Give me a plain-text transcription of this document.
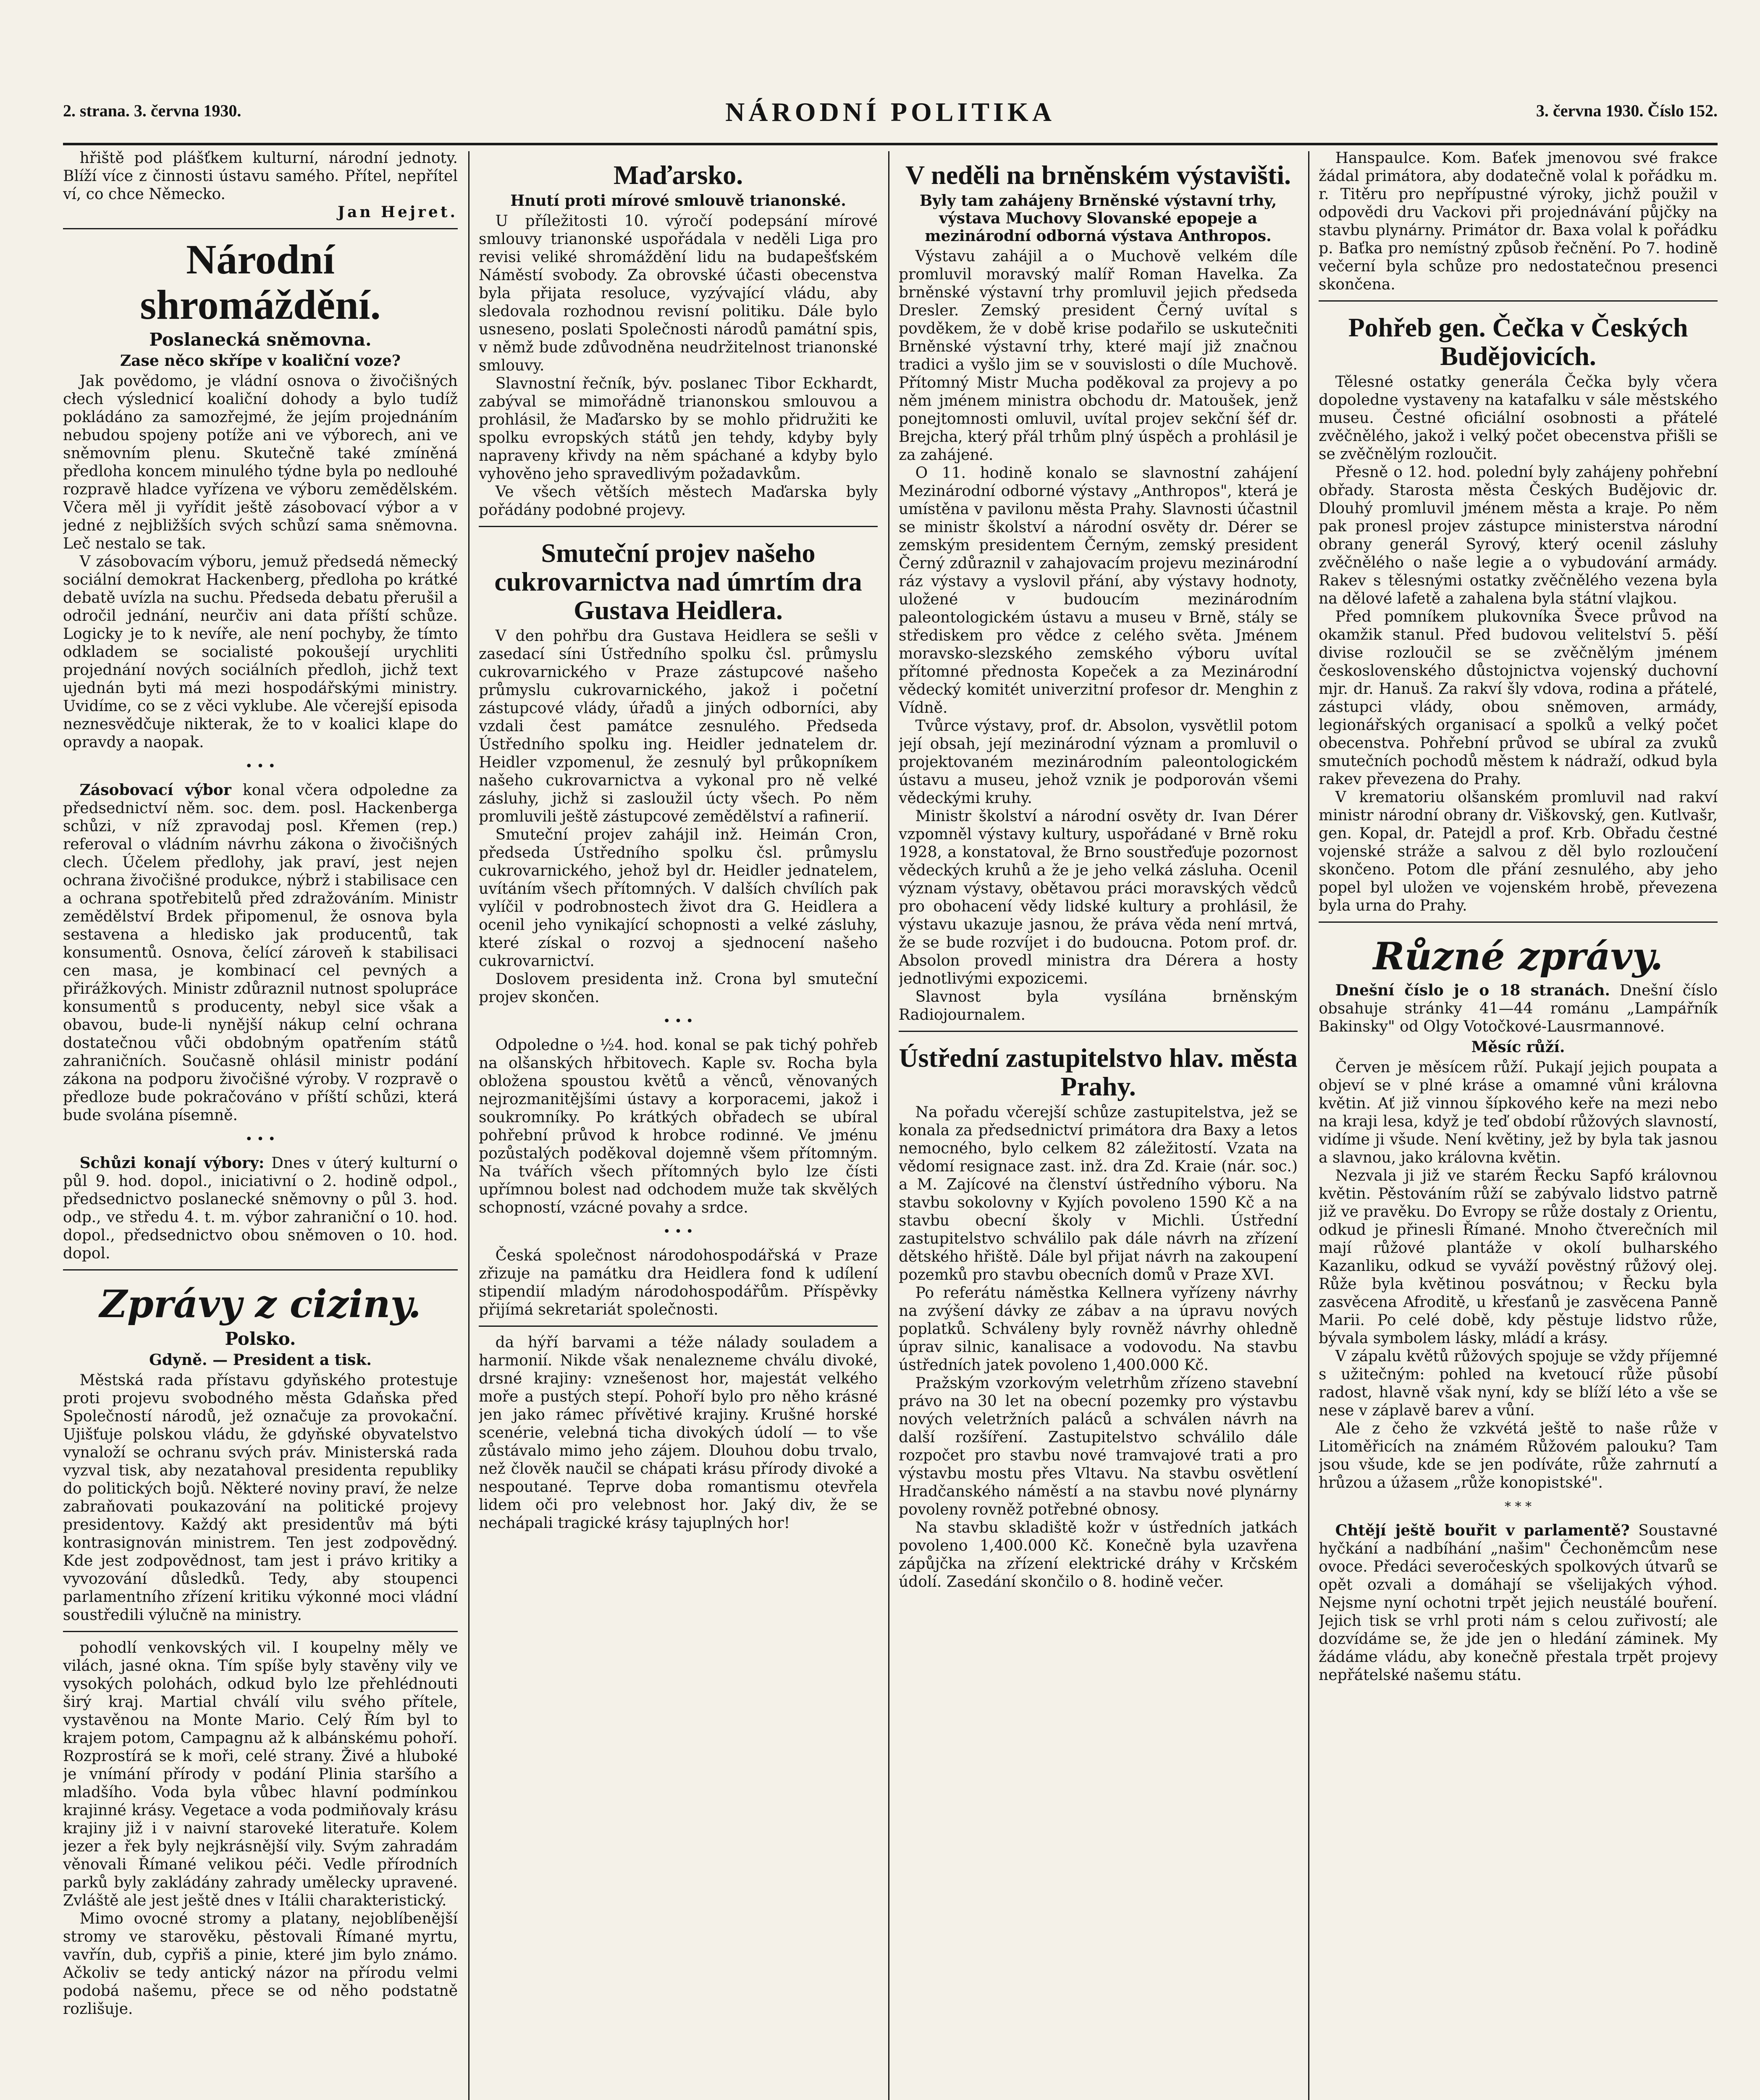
2. strana. 3. června 1930.	NÁRODNÍ POLITIKA	3. června 1930. Číslo 152.

hřiště pod plášťkem kulturní, národní jednoty. Blíží více z činnosti ústavu samého. Přítel, nepřítel ví, co chce Německo.

Jan Hejret.

Národní shromáždění.
Poslanecká sněmovna.
Zase něco skřípe v koaliční voze?

Jak povědomo, je vládní osnova o živočišných cłech výslednicí koaliční dohody a bylo tudíž pokládáno za samozřejmé, že jejím projednáním nebudou spojeny potíže ani ve výborech, ani ve sněmovním plenu. Skutečně také zmíněná předloha koncem minulého týdne byla po nedlouhé rozpravě hladce vyřízena ve výboru zemědělském. Včera měl ji vyřídit ještě zásobovací výbor a v jedné z nejbližších svých schůzí sama sněmovna. Leč nestalo se tak.

V zásobovacím výboru, jemuž předsedá německý sociální demokrat Hackenberg, předloha po krátké debatě uvízla na suchu. Předseda debatu přerušil a odročil jednání, neurčiv ani data příští schůze. Logicky je to k nevíře, ale není pochyby, že tímto odkladem se socialisté pokoušejí urychliti projednání nových sociálních předloh, jichž text ujednán byti má mezi hospodářskými ministry. Uvidíme, co se z věci vyklube. Ale včerejší episoda neznesvědčuje nikterak, že to v koalici klape do opravdy a naopak.

• • •

Zásobovací výbor konal včera odpoledne za předsednictví něm. soc. dem. posl. Hackenberga schůzi, v níž zpravodaj posl. Křemen (rep.) referoval o vládním návrhu zákona o živočišných clech. Účelem předlohy, jak praví, jest nejen ochrana živočišné produkce, nýbrž i stabilisace cen a ochrana spotřebitelů před zdražováním. Ministr zemědělství Brdek připomenul, že osnova byla sestavena a hledisko jak producentů, tak konsumentů. Osnova, čelící zároveň k stabilisaci cen masa, je kombinací cel pevných a přirážkových. Ministr zdůraznil nutnost spolupráce konsumentů s producenty, nebyl sice však a obavou, bude-li nynější nákup celní ochrana dostatečnou vůči obdobným opatřením států zahraničních. Současně ohlásil ministr podání zákona na podporu živočišné výroby. V rozpravě o předloze bude pokračováno v příští schůzi, která bude svolána písemně.

• • •

Schůzi konají výbory: Dnes v úterý kulturní o půl 9. hod. dopol., iniciativní o 2. hodině odpol., předsednictvo poslanecké sněmovny o půl 3. hod. odp., ve středu 4. t. m. výbor zahraniční o 10. hod. dopol., předsednictvo obou sněmoven o 10. hod. dopol.

Zprávy z ciziny.
Polsko.
Gdyně. — President a tisk.

Městská rada přístavu gdyňského protestuje proti projevu svobodného města Gdaňska před Společností národů, jež označuje za provokační. Ujišťuje polskou vládu, že gdyňské obyvatelstvo vynaloží se ochranu svých práv. Ministerská rada vyzval tisk, aby nezatahoval presidenta republiky do politických bojů. Některé noviny praví, že nelze zabraňovati poukazování na politické projevy presidentovy. Každý akt presidentův má býti kontrasignován ministrem. Ten jest zodpovědný. Kde jest zodpovědnost, tam jest i právo kritiky a vyvozování důsledků. Tedy, aby stoupenci parlamentního zřízení kritiku výkonné moci vládní soustředili výlučně na ministry.

pohodlí venkovských vil. I koupelny měly ve vilách, jasné okna. Tím spíše byly stavěny vily ve vysokých polohách, odkud bylo lze přehlédnouti širý kraj. Martial chválí vilu svého přítele, vystavěnou na Monte Mario. Celý Řím byl to krajem potom, Campagnu až k albánskému pohoří. Rozprostírá se k moři, celé strany. Živé a hluboké je vnímání přírody v podání Plinia staršího a mladšího. Voda byla vůbec hlavní podmínkou krajinné krásy. Vegetace a voda podmiňovaly krásu krajiny již i v naivní staroveké literatuře. Kolem jezer a řek byly nejkrásnější vily. Svým zahradám věnovali Římané velikou péči. Vedle přírodních parků byly zakládány zahrady umělecky upravené. Zvláště ale jest ještě dnes v Itálii charakteristický.

Mimo ovocné stromy a platany, nejoblíbenější stromy ve starověku, pěstovali Římané myrtu, vavřín, dub, cypřiš a pinie, které jim bylo známo. Ačkoliv se tedy antický názor na přírodu velmi podobá našemu, přece se od něho podstatně rozlišuje.

Maďarsko.
Hnutí proti mírové smlouvě trianonské.

U příležitosti 10. výročí podepsání mírové smlouvy trianonské uspořádala v neděli Liga pro revisi veliké shromáždění lidu na budapešťském Náměstí svobody. Za obrovské účasti obecenstva byla přijata resoluce, vyzývající vládu, aby sledovala rozhodnou revisní politiku. Dále bylo usneseno, poslati Společnosti národů památní spis, v němž bude zdůvodněna neudržitelnost trianonské smlouvy.

Slavnostní řečník, býv. poslanec Tibor Eckhardt, zabýval se mimořádně trianonskou smlouvou a prohlásil, že Maďarsko by se mohlo přidružiti ke spolku evropských států jen tehdy, kdyby byly napraveny křivdy na něm spáchané a kdyby bylo vyhověno jeho spravedlivým požadavkům.

Ve všech větších městech Maďarska byly pořádány podobné projevy.

Smuteční projev našeho cukrovarnictva nad úmrtím dra Gustava Heidlera.

V den pohřbu dra Gustava Heidlera se sešli v zasedací síni Ústředního spolku čsl. průmyslu cukrovarnického v Praze zástupcové našeho průmyslu cukrovarnického, jakož i početní zástupcové vlády, úřadů a jiných odborníci, aby vzdali čest památce zesnulého. Předseda Ústředního spolku ing. Heidler jednatelem dr. Heidler vzpomenul, že zesnulý byl průkopníkem našeho cukrovarnictva a vykonal pro ně velké zásluhy, jichž si zasloužil úcty všech. Po něm promluvili ještě zástupcové zemědělství a rafinerií.

Smuteční projev zahájil inž. Heimán Cron, předseda Ústředního spolku čsl. průmyslu cukrovarnického, jehož byl dr. Heidler jednatelem, uvítáním všech přítomných. V dalších chvílích pak vylíčil v podrobnostech život dra G. Heidlera a ocenil jeho vynikající schopnosti a velké zásluhy, které získal o rozvoj a sjednocení našeho cukrovarnictví.

Doslovem presidenta inž. Crona byl smuteční projev skončen.

• • •

Odpoledne o ½4. hod. konal se pak tichý pohřeb na olšanských hřbitovech. Kaple sv. Rocha byla obložena spoustou květů a věnců, věnovaných nejrozmanitějšími ústavy a korporacemi, jakož i soukromníky. Po krátkých obřadech se ubíral pohřební průvod k hrobce rodinné. Ve jménu pozůstalých poděkoval dojemně všem přítomným. Na tvářích všech přítomných bylo lze čísti upřímnou bolest nad odchodem muže tak skvělých schopností, vzácné povahy a srdce.

• • •

Česká společnost národohospodářská v Praze zřizuje na památku dra Heidlera fond k udílení stipendií mladým národohospodářům. Příspěvky přijímá sekretariát společnosti.

da hýří barvami a téže nálady souladem a harmonií. Nikde však nenalezneme chválu divoké, drsné krajiny: vznešenost hor, majestát velkého moře a pustých stepí. Pohoří bylo pro něho krásné jen jako rámec přívětivé krajiny. Krušné horské scenérie, velebná ticha divokých údolí — to vše zůstávalo mimo jeho zájem. Dlouhou dobu trvalo, než člověk naučil se chápati krásu přírody divoké a nespoutané. Teprve doba romantismu otevřela lidem oči pro velebnost hor. Jaký div, že se nechápali tragické krásy tajuplných hor!

V neděli na brněnském výstavišti.
Byly tam zahájeny Brněnské výstavní trhy, výstava Muchovy Slovanské epopeje a mezinárodní odborná výstava Anthropos.

Výstavu zahájil a o Muchově velkém díle promluvil moravský malíř Roman Havelka. Za brněnské výstavní trhy promluvil jejich předseda Dresler. Zemský president Černý uvítal s povděkem, že v době krise podařilo se uskutečniti Brněnské výstavní trhy, které mají již značnou tradici a vyšlo jim se v souvislosti o díle Muchově. Přítomný Mistr Mucha poděkoval za projevy a po něm jménem ministra obchodu dr. Matoušek, jenž ponejtomnosti omluvil, uvítal projev sekční šéf dr. Brejcha, který přál trhům plný úspěch a prohlásil je za zahájené.

O 11. hodině konalo se slavnostní zahájení Mezinárodní odborné výstavy „Anthropos", která je umístěna v pavilonu města Prahy. Slavnosti účastnil se ministr školství a národní osvěty dr. Dérer se zemským presidentem Černým, zemský president Černý zdůraznil v zahajovacím projevu mezinárodní ráz výstavy a vyslovil přání, aby výstavy hodnoty, uložené v budoucím mezinárodním paleontologickém ústavu a museu v Brně, stály se střediskem pro vědce z celého světa. Jménem moravsko-slezského zemského výboru uvítal přítomné přednosta Kopeček a za Mezinárodní vědecký komitét univerzitní profesor dr. Menghin z Vídně.

Tvůrce výstavy, prof. dr. Absolon, vysvětlil potom její obsah, její mezinárodní význam a promluvil o projektovaném mezinárodním paleontologickém ústavu a museu, jehož vznik je podporován všemi vědeckými kruhy.

Ministr školství a národní osvěty dr. Ivan Dérer vzpomněl výstavy kultury, uspořádané v Brně roku 1928, a konstatoval, že Brno soustřeďuje pozornost vědeckých kruhů a že je jeho velká zásluha. Ocenil význam výstavy, obětavou práci moravských vědců pro obohacení vědy lidské kultury a prohlásil, že výstavu ukazuje jasnou, že práva věda není mrtvá, že se bude rozvíjet i do budoucna. Potom prof. dr. Absolon provedl ministra dra Dérera a hosty jednotlivými expozicemi.

Slavnost byla vysílána brněnským Radiojournalem.

Ústřední zastupitelstvo hlav. města Prahy.

Na pořadu včerejší schůze zastupitelstva, jež se konala za předsednictví primátora dra Baxy a letos nemocného, bylo celkem 82 záležitostí. Vzata na vědomí resignace zast. inž. dra Zd. Kraie (nár. soc.) a M. Zajícové na členství ústředního výboru. Na stavbu sokolovny v Kyjích povoleno 1590 Kč a na stavbu obecní školy v Michli. Ústřední zastupitelstvo schválilo pak dále návrh na zřízení dětského hřiště. Dále byl přijat návrh na zakoupení pozemků pro stavbu obecních domů v Praze XVI.

Po referátu náměstka Kellnera vyřízeny návrhy na zvýšení dávky ze zábav a na úpravu nových poplatků. Schváleny byly rovněž návrhy ohledně úprav silnic, kanalisace a vodovodu. Na stavbu ústředních jatek povoleno 1,400.000 Kč.

Pražským vzorkovým veletrhům zřízeno stavební právo na 30 let na obecní pozemky pro výstavbu nových veletržních paláců a schválen návrh na další rozšíření. Zastupitelstvo schválilo dále rozpočet pro stavbu nové tramvajové trati a pro výstavbu mostu přes Vltavu. Na stavbu osvětlení Hradčanského náměstí a na stavbu nové plynárny povoleny rovněž potřebné obnosy.

Na stavbu skladiště kožr v ústředních jatkách povoleno 1,400.000 Kč. Konečně byla uzavřena zápůjčka na zřízení elektrické dráhy v Krčském údolí. Zasedání skončilo o 8. hodině večer.

Hanspaulce. Kom. Baťek jmenovou své frakce žádal primátora, aby dodatečně volal k pořádku m. r. Titěru pro nepřípustné výroky, jichž použil v odpovědi dru Vackovi při projednávání půjčky na stavbu plynárny. Primátor dr. Baxa volal k pořádku p. Baťka pro nemístný způsob řečnění. Po 7. hodině večerní byla schůze pro nedostatečnou presenci skončena.

Pohřeb gen. Čečka v Českých Budějovicích.

Tělesné ostatky generála Čečka byly včera dopoledne vystaveny na katafalku v sále městského museu. Čestné oficiální osobnosti a přátelé zvěčnělého, jakož i velký počet obecenstva přišli se se zvěčnělým rozloučit.

Přesně o 12. hod. polední byly zahájeny pohřební obřady. Starosta města Českých Budějovic dr. Dlouhý promluvil jménem města a kraje. Po něm pak pronesl projev zástupce ministerstva národní obrany generál Syrový, který ocenil zásluhy zvěčnělého o naše legie a o vybudování armády. Rakev s tělesnými ostatky zvěčnělého vezena byla na dělové lafetě a zahalena byla státní vlajkou.

Před pomníkem plukovníka Švece průvod na okamžik stanul. Před budovou velitelství 5. pěší divise rozloučil se se zvěčnělým jménem československého důstojnictva vojenský duchovní mjr. dr. Hanuš. Za rakví šly vdova, rodina a přátelé, zástupci vlády, obou sněmoven, armády, legionářských organisací a spolků a velký počet obecenstva. Pohřební průvod se ubíral za zvuků smutečních pochodů městem k nádraží, odkud byla rakev převezena do Prahy.

V krematoriu olšanském promluvil nad rakví ministr národní obrany dr. Viškovský, gen. Kutlvašr, gen. Kopal, dr. Patejdl a prof. Krb. Obřadu čestné vojenské stráže a salvou z děl bylo rozloučení skončeno. Potom dle přání zesnulého, aby jeho popel byl uložen ve vojenském hrobě, převezena byla urna do Prahy.

Různé zprávy.

Dnešní číslo je o 18 stranách. Dnešní číslo obsahuje stránky 41—44 románu „Lampářník Bakinsky" od Olgy Votočkové-Lausrmannové.

Měsíc růží.

Červen je měsícem růží. Pukají jejich poupata a objeví se v plné kráse a omamné vůni královna květin. Ať již vinnou šípkového keře na mezi nebo na kraji lesa, když je teď období růžových slavností, vidíme ji všude. Není květiny, jež by byla tak jasnou a slavnou, jako královna květin.

Nezvala ji již ve starém Řecku Sapfó královnou květin. Pěstováním růží se zabývalo lidstvo patrně již ve pravěku. Do Evropy se růže dostaly z Orientu, odkud je přinesli Římané. Mnoho čtverečních mil mají růžové plantáže v okolí bulharského Kazanliku, odkud se vyváží pověstný růžový olej. Růže byla květinou posvátnou; v Řecku byla zasvěcena Afroditě, u křesťanů je zasvěcena Panně Marii. Po celé době, kdy pěstuje lidstvo růže, bývala symbolem lásky, mládí a krásy.

V zápalu květů růžových spojuje se vždy příjemné s užitečným: pohled na kvetoucí růže působí radost, hlavně však nyní, kdy se blíží léto a vše se nese v záplavě barev a vůní.

Ale z čeho že vzkvétá ještě to naše růže v Litoměřicích na známém Růžovém palouku? Tam jsou všude, kde se jen podíváte, růže zahrnutí a hrůzou a úžasem „růže konopistské".

* * *

Chtějí ještě bouřit v parlamentě? Soustavné hyčkání a nadbíhání „našim" Čechoněmcům nese ovoce. Předáci severočeských spolkových útvarů se opět ozvali a domáhají se všelijakých výhod. Nejsme nyní ochotni trpět jejich neustálé bouření. Jejich tisk se vrhl proti nám s celou zuřivostí; ale dozvídáme se, že jde jen o hledání záminek. My žádáme vládu, aby konečně přestala trpět projevy nepřátelské našemu státu.
